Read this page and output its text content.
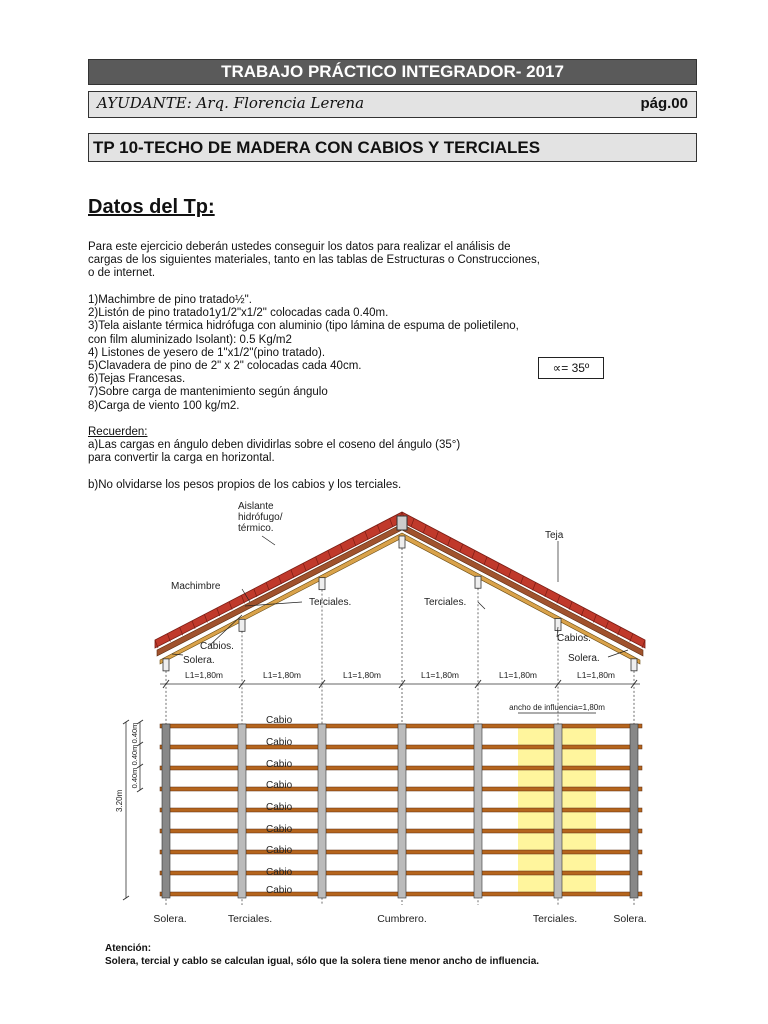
TRABAJO PRÁCTICO INTEGRADOR- 2017
AYUDANTE: Arq. Florencia Lerena	pág.00
TP 10-TECHO DE MADERA CON CABIOS Y TERCIALES
Datos del Tp:

Para este ejercicio deberán ustedes conseguir los datos para realizar el análisis de
cargas de los siguientes materiales, tanto en las tablas de Estructuras o Construcciones,
o de internet.

1)Machimbre de pino tratado½".
2)Listón de pino tratado1y1/2"x1/2" colocadas cada 0.40m.
3)Tela aislante térmica hidrófuga con aluminio (tipo lámina de espuma de polietileno,
con film aluminizado Isolant): 0.5 Kg/m2
4) Listones de yesero de 1"x1/2"(pino tratado).
5)Clavadera de pino de 2" x 2" colocadas cada 40cm.
6)Tejas Francesas.
7)Sobre carga de mantenimiento según ángulo
8)Carga de viento 100 kg/m2.

∝= 35º

Recuerden:

a)Las cargas en ángulo deben dividirlas sobre el coseno del ángulo (35°)
para convertir la carga en horizontal.

b)No olvidarse los pesos propios de los cabios y los terciales.

Aislante
hidrófugo/
térmico.
Teja
Machimbre
Terciales.	Terciales.
Cabios.
Cabios.
Solera.	Solera.
L1=1,80m	L1=1,80m	L1=1,80m	L1=1,80m	L1=1,80m	L1=1,80m
ancho de influencia=1,80m
Cabio
Cabio
Cabio
Cabio
Cabio
Cabio
Cabio
Cabio
Cabio
3.20m
0.40m
0.40m
0.40m
Solera.	Terciales.	Cumbrero.	Terciales.	Solera.

Atención:
Solera, tercial y cablo se calculan igual, sólo que la solera tiene menor ancho de influencia.
